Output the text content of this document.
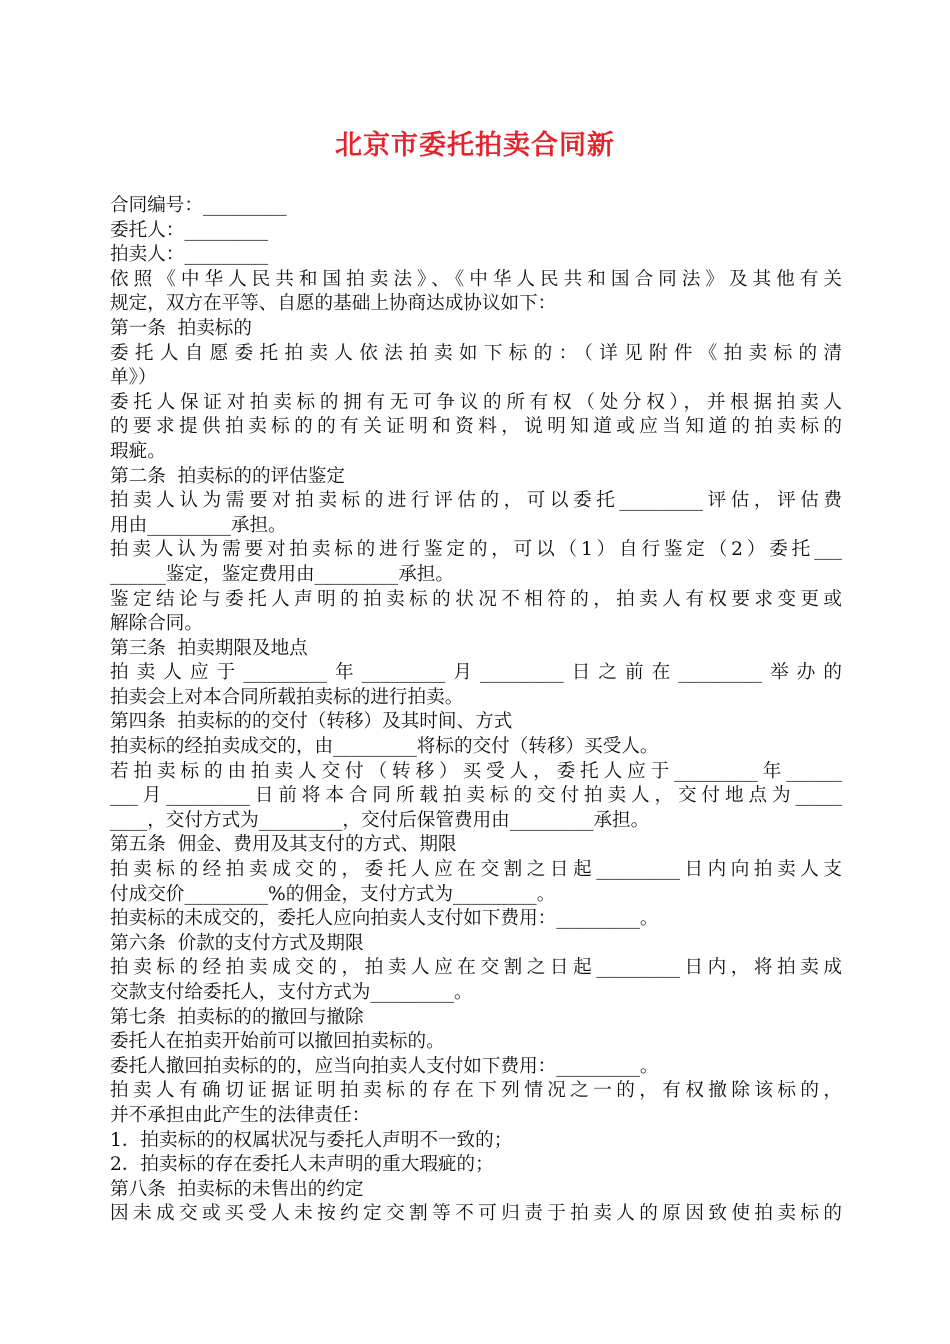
北京市委托拍卖合同新
合同编号：_________
委托人：_________
拍卖人：_________
依照《中华人民共和国拍卖法》、《中华人民共和国合同法》及其他有关
规定，双方在平等、自愿的基础上协商达成协议如下：
第一条  拍卖标的
委托人自愿委托拍卖人依法拍卖如下标的：（详见附件《拍卖标的清
单》）
委托人保证对拍卖标的拥有无可争议的所有权（处分权），并根据拍卖人
的要求提供拍卖标的的有关证明和资料，说明知道或应当知道的拍卖标的
瑕疵。
第二条  拍卖标的的评估鉴定
拍卖人认为需要对拍卖标的进行评估的，可以委托_________评估，评估费
用由_________承担。
拍卖人认为需要对拍卖标的进行鉴定的，可以（1）自行鉴定（2）委托___
______鉴定，鉴定费用由_________承担。
鉴定结论与委托人声明的拍卖标的状况不相符的，拍卖人有权要求变更或
解除合同。
第三条  拍卖期限及地点
拍卖人应于_________年_________月_________日之前在_________举办的
拍卖会上对本合同所载拍卖标的进行拍卖。
第四条  拍卖标的的交付（转移）及其时间、方式
拍卖标的经拍卖成交的，由_________将标的交付（转移）买受人。
若拍卖标的由拍卖人交付（转移）买受人，委托人应于_________年______
___月_________日前将本合同所载拍卖标的交付拍卖人，交付地点为_____
____，交付方式为_________，交付后保管费用由_________承担。
第五条  佣金、费用及其支付的方式、期限
拍卖标的经拍卖成交的，委托人应在交割之日起_________日内向拍卖人支
付成交价_________%的佣金，支付方式为_________。
拍卖标的未成交的，委托人应向拍卖人支付如下费用：_________。
第六条  价款的支付方式及期限
拍卖标的经拍卖成交的，拍卖人应在交割之日起_________日内，将拍卖成
交款支付给委托人，支付方式为_________。
第七条  拍卖标的的撤回与撤除
委托人在拍卖开始前可以撤回拍卖标的。
委托人撤回拍卖标的的，应当向拍卖人支付如下费用：_________。
拍卖人有确切证据证明拍卖标的存在下列情况之一的，有权撤除该标的，
并不承担由此产生的法律责任：
1．拍卖标的的权属状况与委托人声明不一致的；
2．拍卖标的存在委托人未声明的重大瑕疵的；
第八条  拍卖标的未售出的约定
因未成交或买受人未按约定交割等不可归责于拍卖人的原因致使拍卖标的
